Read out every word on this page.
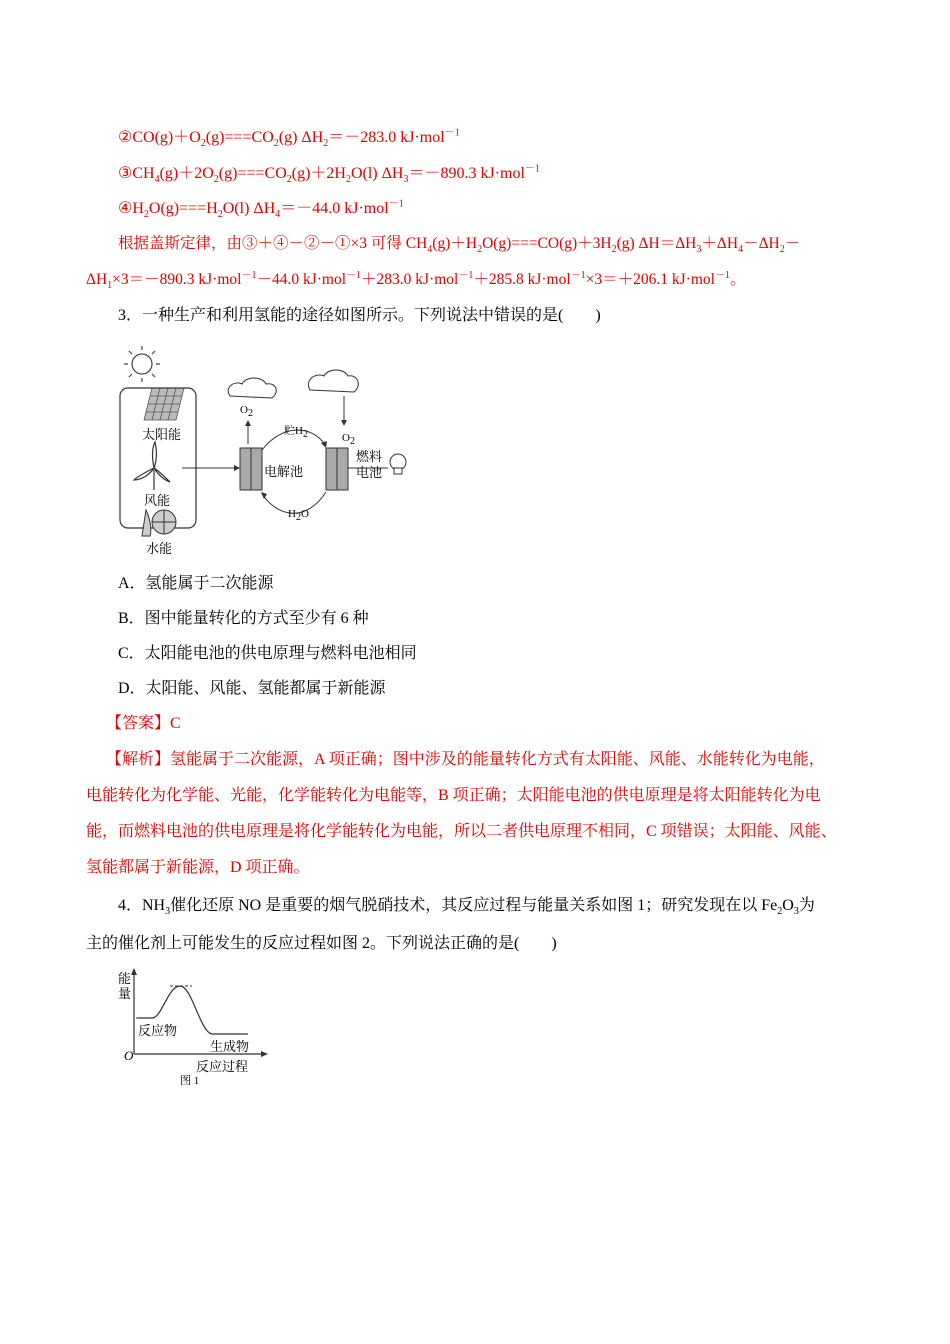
$②CO(g)+O_2(g)===CO_2(g)$ $\Delta H_2=-283.0$ kJ·mol$^{-1}$
$③CH_4(g)+2O_2(g)===CO_2(g)+2H_2O(l)$ $\Delta H_3=-890.3$ kJ·mol$^{-1}$
$④H_2O(g)===H_2O(l)$ $\Delta H_4=-44.0$ kJ·mol$^{-1}$
根据盖斯定律，由③＋④－②－①×3 可得 $CH_4(g)+H_2O(g)===CO(g)+3H_2(g)$ $\Delta H=\Delta H_3+\Delta H_4-\Delta H_2-$
$\Delta H_1\times 3=-890.3$ kJ·mol$^{-1}$－44.0 kJ·mol$^{-1}$＋283.0 kJ·mol$^{-1}$＋285.8 kJ·mol$^{-1}$×3＝＋206.1 kJ·mol$^{-1}$。
3．一种生产和利用氢能的途径如图所示。下列说法中错误的是(　　)
太阳能
风能
水能
电解池
燃料
电池
$O_2$
$O_2$
贮$H_2$
$H_2O$
A．氢能属于二次能源
B．图中能量转化的方式至少有 6 种
C．太阳能电池的供电原理与燃料电池相同
D．太阳能、风能、氢能都属于新能源
【答案】C
【解析】氢能属于二次能源，A 项正确；图中涉及的能量转化方式有太阳能、风能、水能转化为电能，
电能转化为化学能、光能，化学能转化为电能等，B 项正确；太阳能电池的供电原理是将太阳能转化为电
能，而燃料电池的供电原理是将化学能转化为电能，所以二者供电原理不相同，C 项错误；太阳能、风能、
氢能都属于新能源，D 项正确。
4．$NH_3$催化还原 NO 是重要的烟气脱硝技术，其反应过程与能量关系如图 1；研究发现在以 $Fe_2O_3$为
主的催化剂上可能发生的反应过程如图 2。下列说法正确的是(　　)
能
量
反应物
生成物
O
反应过程
图 1
